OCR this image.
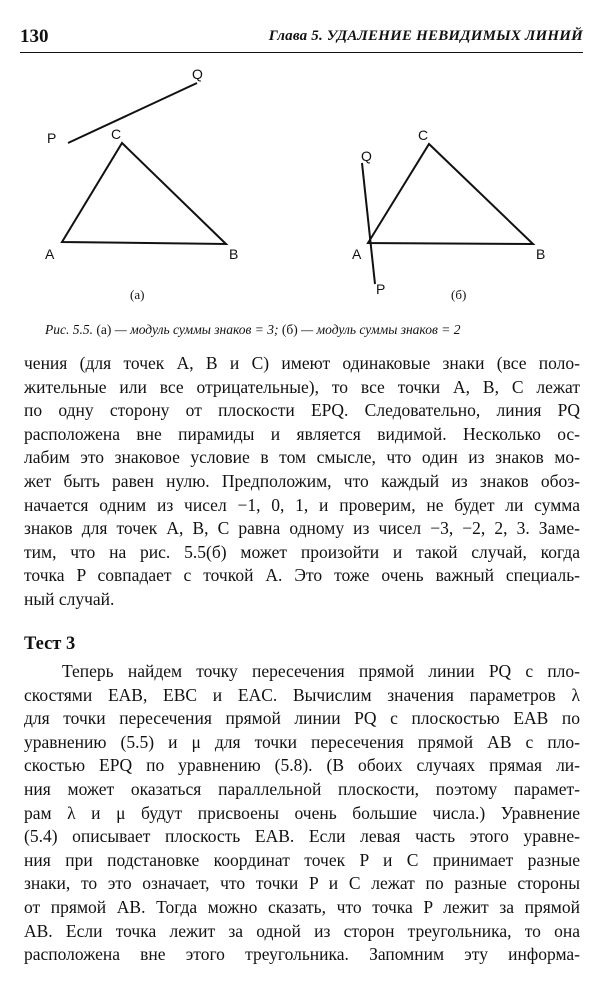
130	Глава 5. УДАЛЕНИЕ НЕВИДИМЫХ ЛИНИЙ
P
Q
C
A	B
(а)
Q
C
A	B
P	(б)
Рис. 5.5. (а) — модуль суммы знаков = 3; (б) — модуль суммы знаков = 2
чения (для точек A, B и C) имеют одинаковые знаки (все поло-
жительные или все отрицательные), то все точки A, B, C лежат
по одну сторону от плоскости EPQ. Следовательно, линия PQ
расположена вне пирамиды и является видимой. Несколько ос-
лабим это знаковое условие в том смысле, что один из знаков мо-
жет быть равен нулю. Предположим, что каждый из знаков обоз-
начается одним из чисел −1, 0, 1, и проверим, не будет ли сумма
знаков для точек A, B, C равна одному из чисел −3, −2, 2, 3. Заме-
тим, что на рис. 5.5(б) может произойти и такой случай, когда
точка P совпадает с точкой A. Это тоже очень важный специаль-
ный случай.
Тест 3
Теперь найдем точку пересечения прямой линии PQ с пло-
скостями EAB, EBC и EAC. Вычислим значения параметров λ
для точки пересечения прямой линии PQ с плоскостью EAB по
уравнению (5.5) и μ для точки пересечения прямой AB с пло-
скостью EPQ по уравнению (5.8). (В обоих случаях прямая ли-
ния может оказаться параллельной плоскости, поэтому парамет-
рам λ и μ будут присвоены очень большие числа.) Уравнение
(5.4) описывает плоскость EAB. Если левая часть этого уравне-
ния при подстановке координат точек P и C принимает разные
знаки, то это означает, что точки P и C лежат по разные стороны
от прямой AB. Тогда можно сказать, что точка P лежит за прямой
AB. Если точка лежит за одной из сторон треугольника, то она
расположена вне этого треугольника. Запомним эту информа-
